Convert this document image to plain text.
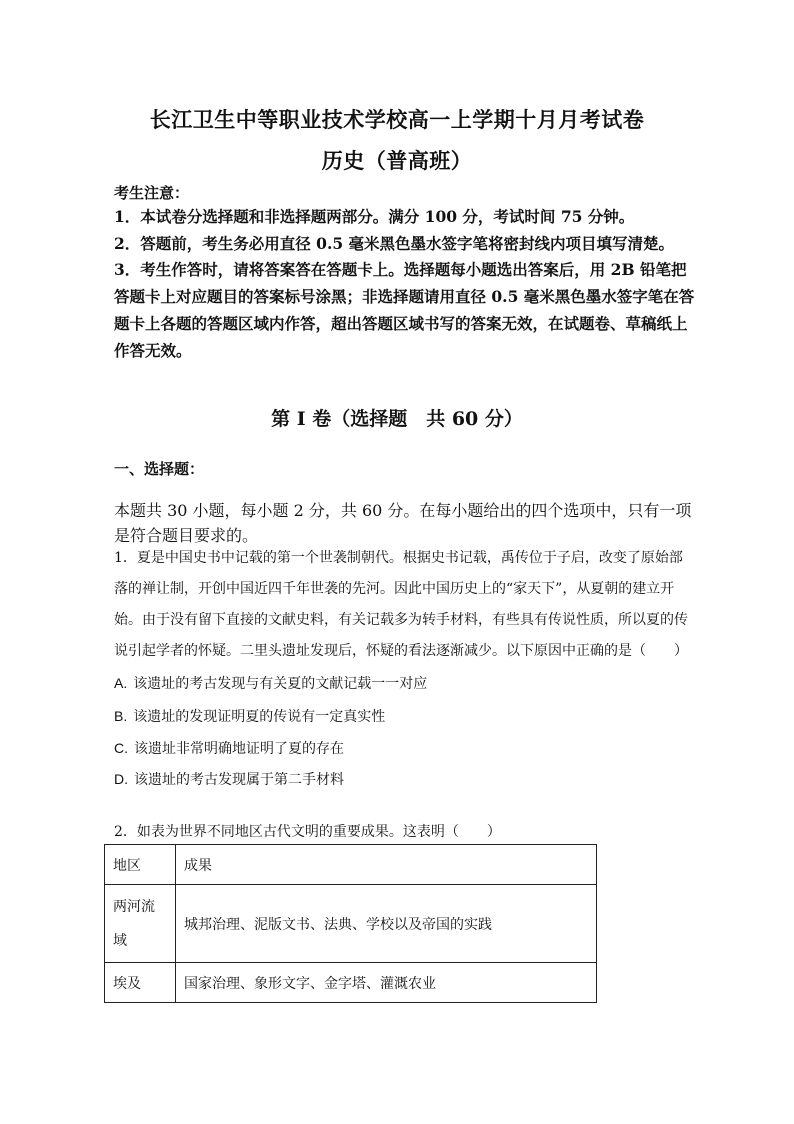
长江卫生中等职业技术学校高一上学期十月月考试卷
历史（普高班）
考生注意：
1．本试卷分选择题和非选择题两部分。满分 100 分，考试时间 75 分钟。
2．答题前，考生务必用直径 0.5 毫米黑色墨水签字笔将密封线内项目填写清楚。
3．考生作答时，请将答案答在答题卡上。选择题每小题选出答案后，用 2B 铅笔把答题卡上对应题目的答案标号涂黑；非选择题请用直径 0.5 毫米黑色墨水签字笔在答题卡上各题的答题区域内作答，超出答题区域书写的答案无效，在试题卷、草稿纸上作答无效。
第 I 卷（选择题　共 60 分）
一、选择题：
本题共 30 小题，每小题 2 分，共 60 分。在每小题给出的四个选项中，只有一项是符合题目要求的。
1．夏是中国史书中记载的第一个世袭制朝代。根据史书记载，禹传位于子启，改变了原始部落的禅让制，开创中国近四千年世袭的先河。因此中国历史上的“家天下”，从夏朝的建立开始。由于没有留下直接的文献史料，有关记载多为转手材料，有些具有传说性质，所以夏的传说引起学者的怀疑。二里头遗址发现后，怀疑的看法逐渐减少。以下原因中正确的是（　　）
A. 该遗址的考古发现与有关夏的文献记载一一对应
B. 该遗址的发现证明夏的传说有一定真实性
C. 该遗址非常明确地证明了夏的存在
D. 该遗址的考古发现属于第二手材料
2．如表为世界不同地区古代文明的重要成果。这表明（　　）
地区	成果

两河流域	城邦治理、泥版文书、法典、学校以及帝国的实践
埃及	国家治理、象形文字、金字塔、灌溉农业
